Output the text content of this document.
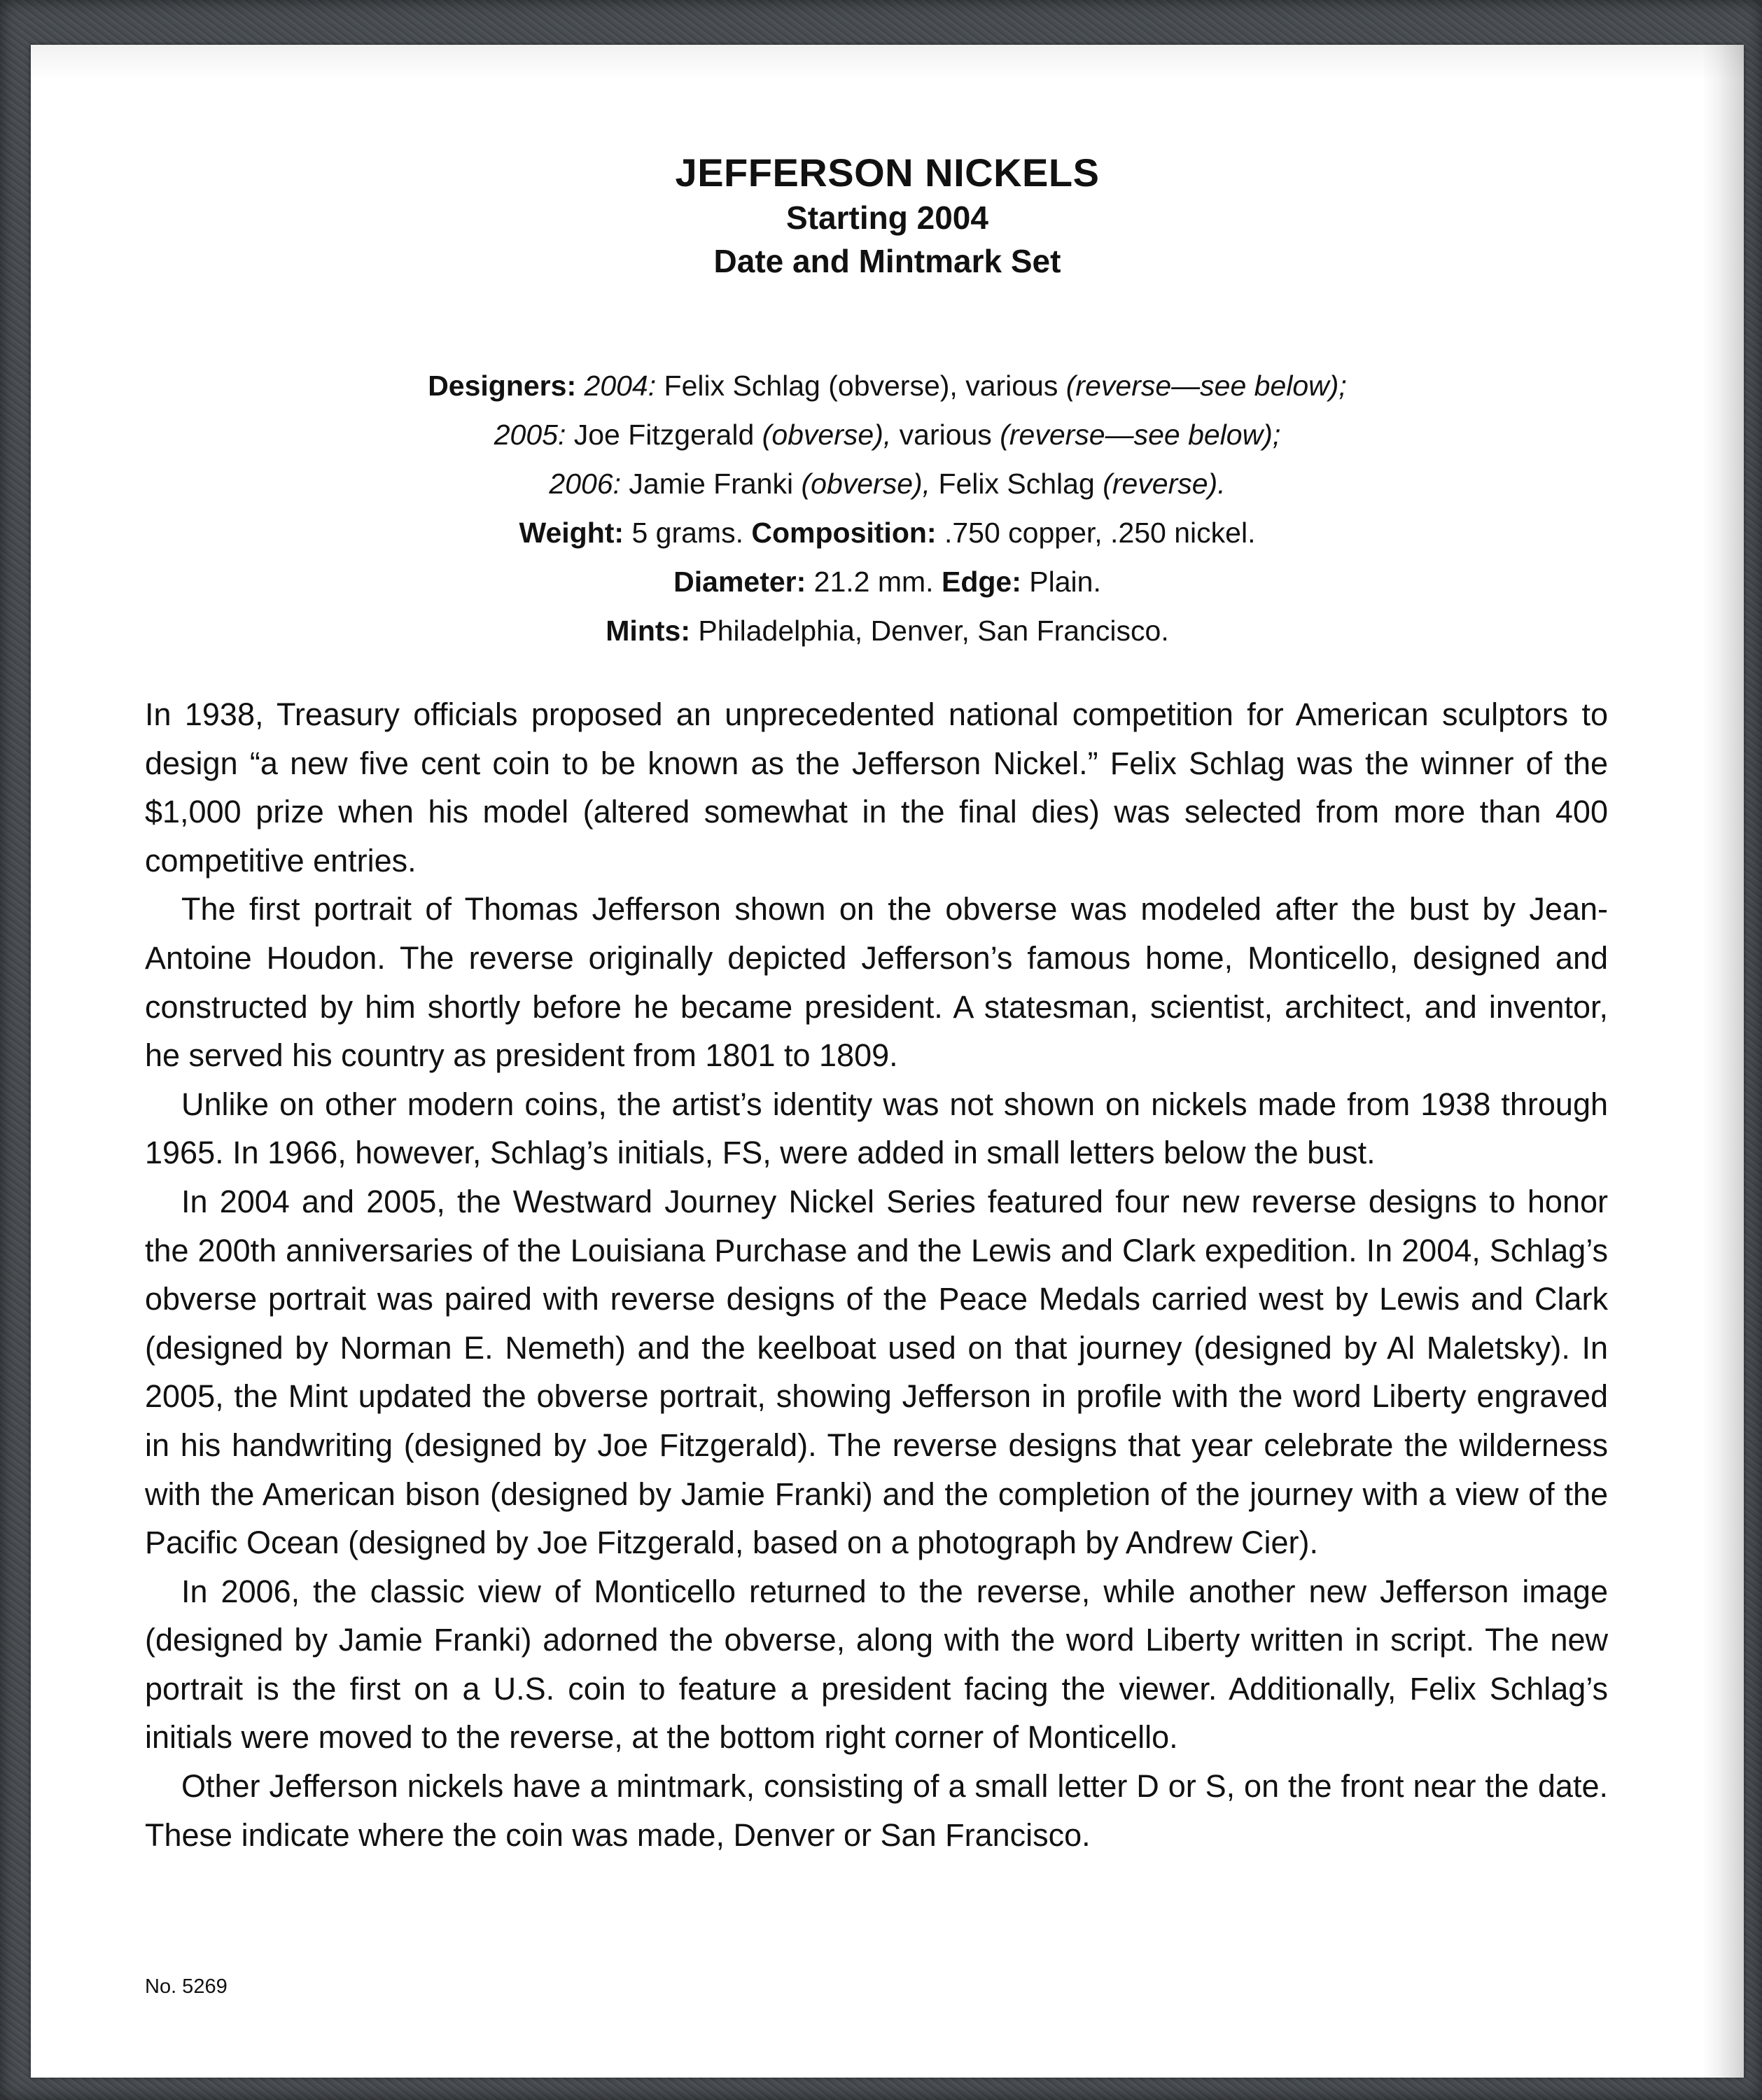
JEFFERSON NICKELS
Starting 2004
Date and Mintmark Set
Designers: 2004: Felix Schlag (obverse), various (reverse—see below);
2005: Joe Fitzgerald (obverse), various (reverse—see below);
2006: Jamie Franki (obverse), Felix Schlag (reverse).
Weight: 5 grams. Composition: .750 copper, .250 nickel.
Diameter: 21.2 mm. Edge: Plain.
Mints: Philadelphia, Denver, San Francisco.

In 1938, Treasury officials proposed an unprecedented national competition for American sculptors to design “a new five cent coin to be known as the Jefferson Nickel.” Felix Schlag was the winner of the $1,000 prize when his model (altered somewhat in the final dies) was selected from more than 400 competitive entries.

The first portrait of Thomas Jefferson shown on the obverse was modeled after the bust by Jean-Antoine Houdon. The reverse originally depicted Jefferson’s famous home, Monticello, designed and constructed by him shortly before he became president. A statesman, scientist, architect, and inventor, he served his country as president from 1801 to 1809.

Unlike on other modern coins, the artist’s identity was not shown on nickels made from 1938 through 1965. In 1966, however, Schlag’s initials, FS, were added in small letters below the bust.

In 2004 and 2005, the Westward Journey Nickel Series featured four new reverse designs to honor the 200th anniversaries of the Louisiana Purchase and the Lewis and Clark expedition. In 2004, Schlag’s obverse portrait was paired with reverse designs of the Peace Medals carried west by Lewis and Clark (designed by Norman E. Nemeth) and the keelboat used on that journey (designed by Al Maletsky). In 2005, the Mint updated the obverse portrait, showing Jefferson in profile with the word Liberty engraved in his handwriting (designed by Joe Fitzgerald). The reverse designs that year celebrate the wilderness with the American bison (designed by Jamie Franki) and the completion of the journey with a view of the Pacific Ocean (designed by Joe Fitzgerald, based on a photograph by Andrew Cier).

In 2006, the classic view of Monticello returned to the reverse, while another new Jefferson image (designed by Jamie Franki) adorned the obverse, along with the word Liberty written in script. The new portrait is the first on a U.S. coin to feature a president facing the viewer. Additionally, Felix Schlag’s initials were moved to the reverse, at the bottom right corner of Monticello.

Other Jefferson nickels have a mintmark, consisting of a small letter D or S, on the front near the date. These indicate where the coin was made, Denver or San Francisco.

No. 5269
